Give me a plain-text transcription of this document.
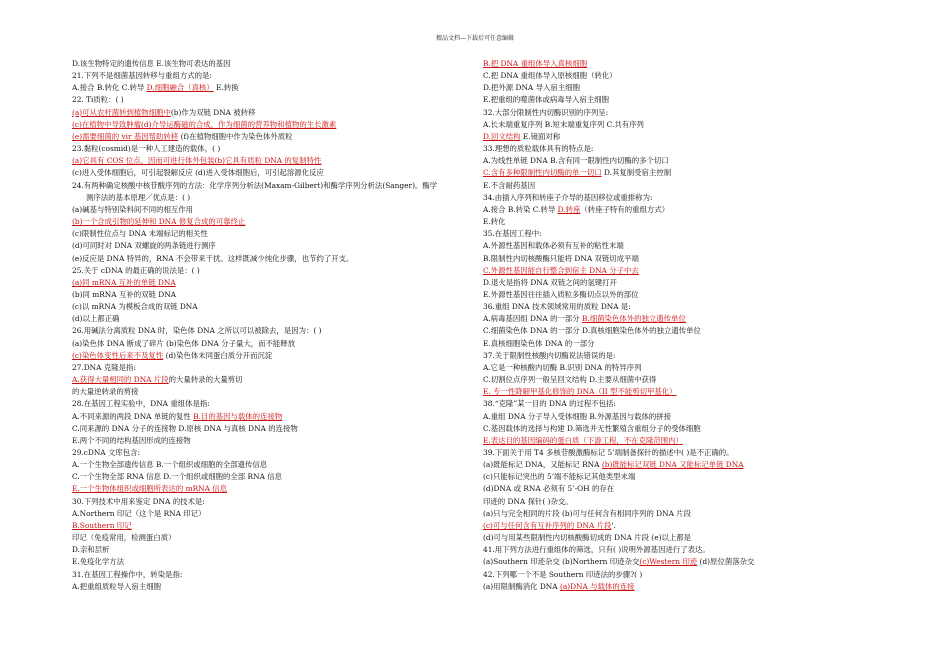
精品文档---下载后可任意编辑
D.该生物特定的遗传信息 E.该生物可表达的基因
21.下列不是细菌基因转移与重组方式的是:
A.接合 B.转化 C.转导 D.细胞融合（真核） E.转换
22. Ti质粒：( )
(a)可从农杆菌转到植物细胞中(b)作为双链 DNA 被转移
(c)在植物中导致肿瘤(d)介导运酶磁的合成，作为细菌的营养物和植物的生长激素
(e)需要细菌的 vir 基因帮助转移 (f)在植物细胞中作为染色体外质粒
23.黏粒(cosmid)是一种人工建造的载体，( )
(a)它具有 COS 位点，因而可进行体外包装(b)它具有质粒 DNA 的复制特性
(c)进入受体细胞后，可引起裂解反应 (d)进入受体细胞后，可引起溶源化反应
24.有两种确定核酸中核苷酸序列的方法：化学序列分析法(Maxam-Gilbert)和酶学序列分析法(Sanger)。酶学
测序法的基本原理／优点是：( )
(a)碱基与特别染料间不同的相互作用
(b)一个合成引物的延伸和 DNA 修复合成的可靠终止
(c)限制性位点与 DNA 末端标记的相关性
(d)可同时对 DNA 双螺旋的两条链进行测序
(e)反应是 DNA 特异的，RNA 不会带来干扰。这样既减少纯化步骤，也节约了开支。
25.关于 cDNA 的最正确的说法是：( )
(a)同 mRNA 互补的单链 DNA
(b)同 mRNA 互补的双链 DNA
(c)以 mRNA 为模板合成的双链 DNA
(d)以上都正确
26.用碱法分离质粒 DNA 时，染色体 DNA 之所以可以被除去，是因为：( )
(a)染色体 DNA 断成了碎片 (b)染色体 DNA 分子量大，而不能释放
(c)染色体变性后来不及复性 (d)染色体未同蛋白质分开而沉淀
27.DNA 克隆是指:
A.获得大量相同的 DNA 片段的大量转录的大量剪切
的大量逆转录的剪接
28.在基因工程实验中，DNA 重组体是指:
A.不同来源的两段 DNA 单链的复性 B.目的基因与载体的连接物
C.同来源的 DNA 分子的连接物 D.原核 DNA 与真核 DNA 的连接物
E.两个不同的结构基因形成的连接物
29.cDNA 文库包含:
A.一个生物全部遗传信息 B.一个组织或细胞的全部遗传信息
C.一个生物全部 RNA 信息 D.一个组织或细胞的全部 RNA 信息
E.一个生物体组织或细胞所表达的 mRNA 信息
30.下列技术中用来鉴定 DNA 的技术是:
A.Northern 印记（这个是 RNA 印记）
B.Southern 印记
印记（免疫常用，检测蛋白质）
D.亲和层析
E.免疫化学方法
31.在基因工程操作中，转染是指:
A.把重组质粒导入宿主细胞
B.把 DNA 重组体导入真核细胞
C.把 DNA 重组体导入原核细胞（转化）
D.把外源 DNA 导入宿主细胞
E.把重组的噬菌体或病毒导入宿主细胞
32.大部分限制性内切酶识别的序列呈:
A.长未端重复序列 B.短末端重复序列 C.共有序列
D.回文结构 E.镜面对称
33.理想的质粒载体具有的特点是:
A.为线性单链 DNA B.含有同一限制性内切酶的多个切口
C.含有多种限制性内切酶的单一切口 D.其复制受宿主控制
E.不含耐药基因
34.由插入序列和转座子介导的基因移位或重排称为:
A.接合 B.转染 C.转导 D.转座（转座子特有的重组方式）
E.转化
35.在基因工程中:
A.外源性基因和载体必须有互补的粘性末端
B.限制性内切核酸酶只能将 DNA 双链切成平端
C.外源性基因能自行整合到宿主 DNA 分子中去
D.退火是指将 DNA 双链之间的氢键打开
E.外源性基因往往插入质粒多酶切点以外的部位
36.重组 DNA 技术领域常用的质粒 DNA 是:
A.病毒基因组 DNA 的一部分 B.细菌染色体外的独立遗传单位
C.细菌染色体 DNA 的一部分 D.真核细胞染色体外的独立遗传单位
E.真核细胞染色体 DNA 的一部分
37.关于限制性核酸内切酶说法错误的是:
A.它是一种核酸内切酶 B.识别 DNA 的特异序列
C.切割位点序列一般呈回文结构 D.主要从细菌中获得
E. 专一性降解甲基化修饰的 DNA（II 型不能剪切甲基化）
38.“克隆”某一目的 DNA 的过程不包括:
A.重组 DNA 分子导入受体细胞 B.外源基因与载体的拼接
C.基因载体的选择与构建 D.筛选并无性繁殖含重组分子的受体细胞
E.表达目的基因编码的蛋白质（下游工程，不在克隆范围内）
39.下面关于用 T4 多核苷酸激酶标记 5’端制备探针的描述中( )是不正确的。
(a)既能标记 DNA，又能标记 RNA (b)既能标记双链 DNA 又能标记单链 DNA
(c)只能标记突出的 5’端不能标记其他类型末端
(d)DNA 或 RNA 必须有 5’-OH 的存在
印迹的 DNA 探针( )杂交。
(a)只与完全相同的片段 (b)可与任何含有相同序列的 DNA 片段
(c)可与任何含有互补序列的 DNA 片段'.
(d)可与用某些限制性内切核酸酶切成的 DNA 片段 (e)以上都是
41.用下列方法进行重组体的筛选，只有( )说明外源基因进行了表达。
(a)Southern 印迹杂交 (b)Northern 印迹杂交(c)Western 印迹 (d)原位菌落杂交
42.下列哪一个不是 Southern 印迹法的步骤?( )
(a)用限制酶消化 DNA (a)DNA 与载体的连接
